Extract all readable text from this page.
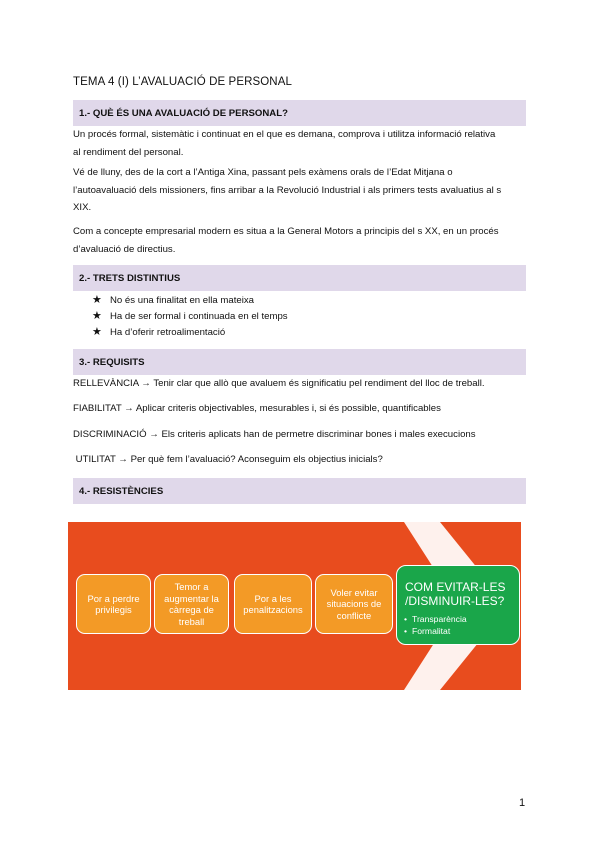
TEMA 4 (I) L’AVALUACIÓ DE PERSONAL
1.- QUÈ ÉS UNA AVALUACIÓ DE PERSONAL?
Un procés formal, sistemàtic i continuat en el que es demana, comprova i utilitza informació relativa
al rendiment del personal.
Vé de lluny, des de la cort a l’Antiga Xina, passant pels exàmens orals de l’Edat Mitjana o
l’autoavaluació dels missioners, fins arribar a la Revolució Industrial i als primers tests avaluatius al s
XIX.
Com a concepte empresarial modern es situa a la General Motors a principis del s XX, en un procés
d’avaluació de directius.
2.- TRETS DISTINTIUS
★ No és una finalitat en ella mateixa
★ Ha de ser formal i continuada en el temps
★ Ha d’oferir retroalimentació
3.- REQUISITS
RELLEVÀNCIA → Tenir clar que allò que avaluem és significatiu pel rendiment del lloc de treball.
FIABILITAT → Aplicar criteris objectivables, mesurables i, si és possible, quantificables
DISCRIMINACIÓ → Els criteris aplicats han de permetre discriminar bones i males execucions
UTILITAT → Per què fem l’avaluació? Aconseguim els objectius inicials?
4.- RESISTÈNCIES
Por a perdre privilegis
Temor a augmentar la càrrega de treball
Por a les penalitzacions
Voler evitar situacions de conflicte
COM EVITAR-LES /DISMINUIR-LES?
• Transparència
• Formalitat
1
